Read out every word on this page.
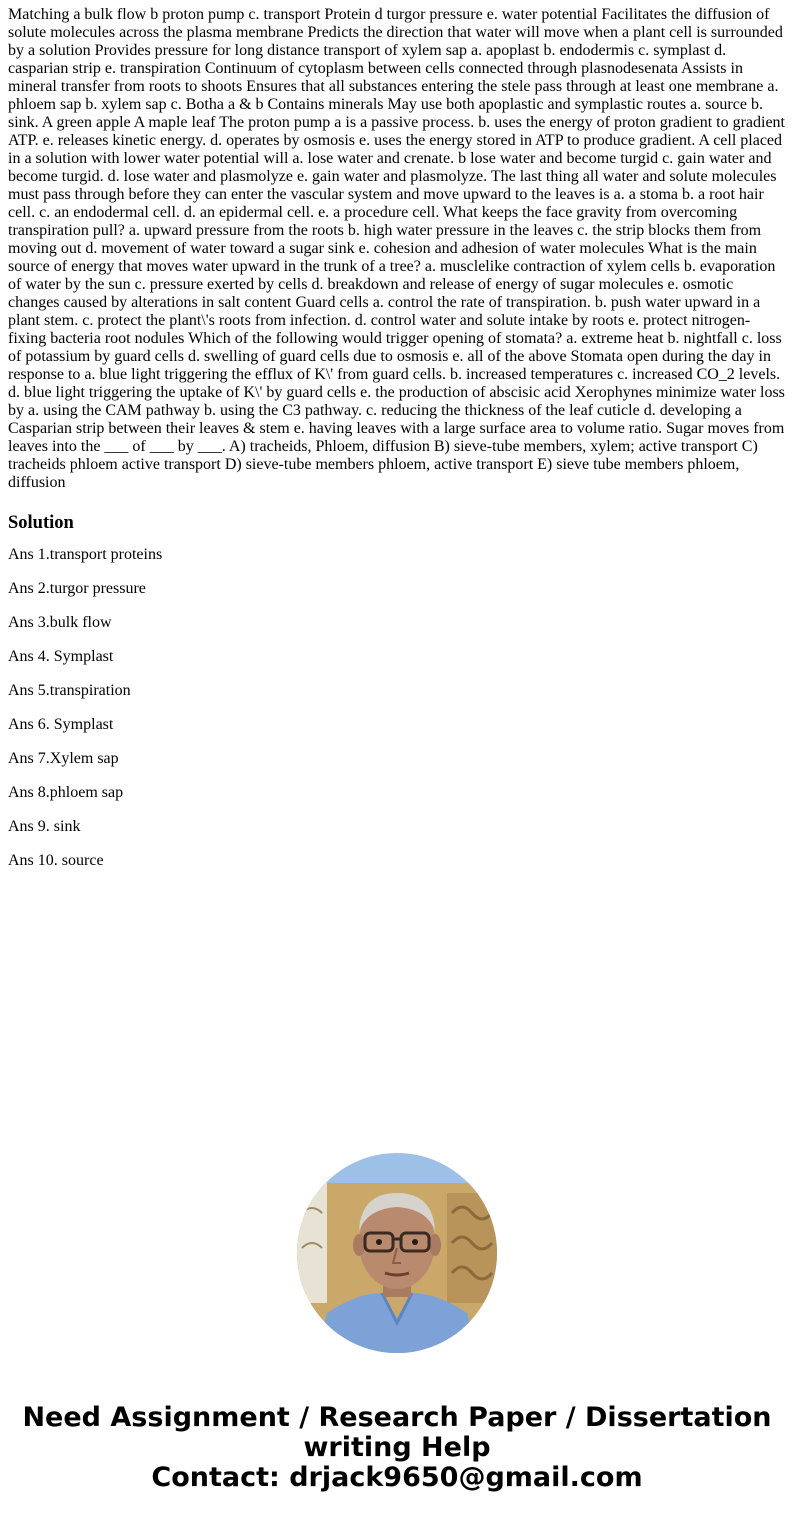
Matching a bulk flow b proton pump c. transport Protein d turgor pressure e. water potential Facilitates the diffusion of solute molecules across the plasma membrane Predicts the direction that water will move when a plant cell is surrounded by a solution Provides pressure for long distance transport of xylem sap a. apoplast b. endodermis c. symplast d. casparian strip e. transpiration Continuum of cytoplasm between cells connected through plasnodesenata Assists in mineral transfer from roots to shoots Ensures that all substances entering the stele pass through at least one membrane a. phloem sap b. xylem sap c. Botha a & b Contains minerals May use both apoplastic and symplastic routes a. source b. sink. A green apple A maple leaf The proton pump a is a passive process. b. uses the energy of proton gradient to gradient ATP. e. releases kinetic energy. d. operates by osmosis e. uses the energy stored in ATP to produce gradient. A cell placed in a solution with lower water potential will a. lose water and crenate. b lose water and become turgid c. gain water and become turgid. d. lose water and plasmolyze e. gain water and plasmolyze. The last thing all water and solute molecules must pass through before they can enter the vascular system and move upward to the leaves is a. a stoma b. a root hair cell. c. an endodermal cell. d. an epidermal cell. e. a procedure cell. What keeps the face gravity from overcoming transpiration pull? a. upward pressure from the roots b. high water pressure in the leaves c. the strip blocks them from moving out d. movement of water toward a sugar sink e. cohesion and adhesion of water molecules What is the main source of energy that moves water upward in the trunk of a tree? a. musclelike contraction of xylem cells b. evaporation of water by the sun c. pressure exerted by cells d. breakdown and release of energy of sugar molecules e. osmotic changes caused by alterations in salt content Guard cells a. control the rate of transpiration. b. push water upward in a plant stem. c. protect the plant\'s roots from infection. d. control water and solute intake by roots e. protect nitrogen-fixing bacteria root nodules Which of the following would trigger opening of stomata? a. extreme heat b. nightfall c. loss of potassium by guard cells d. swelling of guard cells due to osmosis e. all of the above Stomata open during the day in response to a. blue light triggering the efflux of K\' from guard cells. b. increased temperatures c. increased CO_2 levels. d. blue light triggering the uptake of K\' by guard cells e. the production of abscisic acid Xerophynes minimize water loss by a. using the CAM pathway b. using the C3 pathway. c. reducing the thickness of the leaf cuticle d. developing a Casparian strip between their leaves & stem e. having leaves with a large surface area to volume ratio. Sugar moves from leaves into the ___ of ___ by ___. A) tracheids, Phloem, diffusion B) sieve-tube members, xylem; active transport C) tracheids phloem active transport D) sieve-tube members phloem, active transport E) sieve tube members phloem, diffusion

Solution
Ans 1.transport proteins
Ans 2.turgor pressure
Ans 3.bulk flow
Ans 4. Symplast
Ans 5.transpiration
Ans 6. Symplast
Ans 7.Xylem sap
Ans 8.phloem sap
Ans 9. sink
Ans 10. source
Need Assignment / Research Paper / Dissertation
writing Help
Contact: drjack9650@gmail.com
